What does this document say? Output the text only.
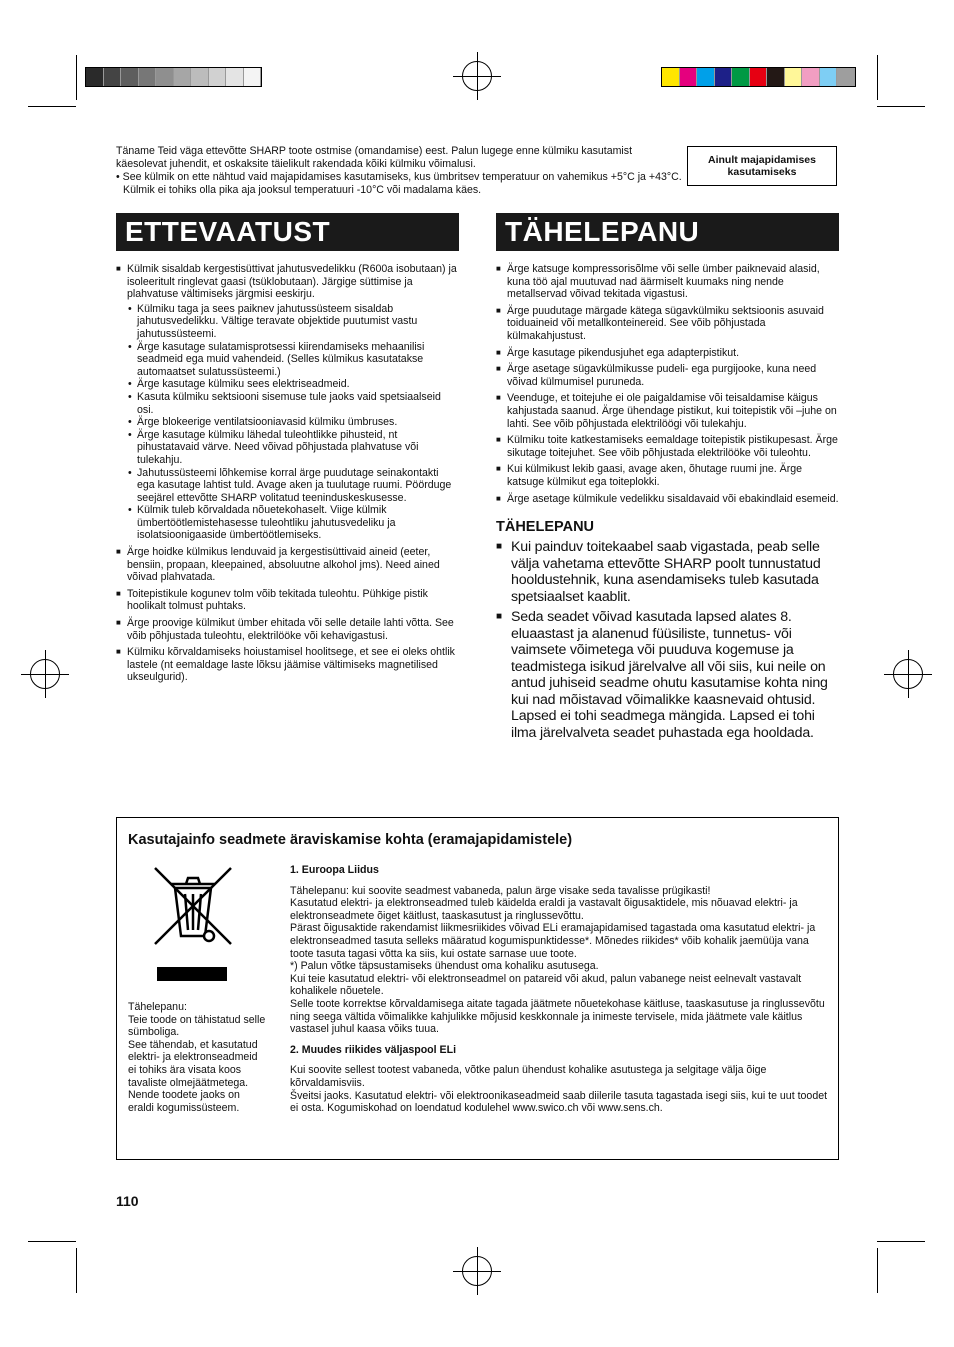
Täname Teid väga ettevõtte SHARP toote ostmise (omandamise) eest. Palun lugege enne külmiku kasutamist käesolevat juhendit, et oskaksite täielikult rakendada kõiki külmiku võimalusi.

• See külmik on ette nähtud vaid majapidamises kasutamiseks, kus ümbritsev temperatuur on vahemikus +5°C ja +43°C. Külmik ei tohiks olla pika aja jooksul temperatuuri -10°C või madalama käes.

Ainult majapidamises kasutamiseks
ETTEVAATUST
■ Külmik sisaldab kergestisüttivat jahutusvedelikku (R600a isobutaan) ja isoleeritult ringlevat gaasi (tsüklobutaan). Järgige süttimise ja plahvatuse vältimiseks järgmisi eeskirju.
• Külmiku taga ja sees paiknev jahutussüsteem sisaldab jahutusvedelikku. Vältige teravate objektide puutumist vastu jahutussüsteemi.
• Ärge kasutage sulatamisprotsessi kiirendamiseks mehaanilisi seadmeid ega muid vahendeid. (Selles külmikus kasutatakse automaatset sulatussüsteemi.)
• Ärge kasutage külmiku sees elektriseadmeid.
• Kasuta külmiku sektsiooni sisemuse tule jaoks vaid spetsiaalseid osi.
• Ärge blokeerige ventilatsiooniavasid külmiku ümbruses.
• Ärge kasutage külmiku lähedal tuleohtlikke pihusteid, nt pihustatavaid värve. Need võivad põhjustada plahvatuse või tulekahju.
• Jahutussüsteemi lõhkemise korral ärge puudutage seinakontakti ega kasutage lahtist tuld. Avage aken ja tuulutage ruumi. Pöörduge seejärel ettevõtte SHARP volitatud teeninduskeskusesse.
• Külmik tuleb kõrvaldada nõuetekohaselt. Viige külmik ümbertöötlemistehasesse tuleohtliku jahutusvedeliku ja isolatsioonigaaside ümbertöötlemiseks.
■ Ärge hoidke külmikus lenduvaid ja kergestisüttivaid aineid (eeter, bensiin, propaan, kleepained, absoluutne alkohol jms). Need ained võivad plahvatada.
■ Toitepistikule kogunev tolm võib tekitada tuleohtu. Pühkige pistik hoolikalt tolmust puhtaks.
■ Ärge proovige külmikut ümber ehitada või selle detaile lahti võtta. See võib põhjustada tuleohtu, elektrilööke või kehavigastusi.
■ Külmiku kõrvaldamiseks hoiustamisel hoolitsege, et see ei oleks ohtlik lastele (nt eemaldage laste lõksu jäämise vältimiseks magnetilised ukseulgurid).
TÄHELEPANU
■ Ärge katsuge kompressorisõlme või selle ümber paiknevaid alasid, kuna töö ajal muutuvad nad äärmiselt kuumaks ning nende metallservad võivad tekitada vigastusi.
■ Ärge puudutage märgade kätega sügavkülmiku sektsioonis asuvaid toiduaineid või metallkonteinereid. See võib põhjustada külmakahjustust.
■ Ärge kasutage pikendusjuhet ega adapterpistikut.
■ Ärge asetage sügavkülmikusse pudeli- ega purgijooke, kuna need võivad külmumisel puruneda.
■ Veenduge, et toitejuhe ei ole paigaldamise või teisaldamise käigus kahjustada saanud. Ärge ühendage pistikut, kui toitepistik või –juhe on lahti. See võib põhjustada elektrilöögi või tulekahju.
■ Külmiku toite katkestamiseks eemaldage toitepistik pistikupesast. Ärge sikutage toitejuhet. See võib põhjustada elektrilööke või tuleohtu.
■ Kui külmikust lekib gaasi, avage aken, õhutage ruumi jne. Ärge katsuge külmikut ega toiteplokki.
■ Ärge asetage külmikule vedelikku sisaldavaid või ebakindlaid esemeid.
TÄHELEPANU
■ Kui painduv toitekaabel saab vigastada, peab selle välja vahetama ettevõtte SHARP poolt tunnustatud hooldustehnik, kuna asendamiseks tuleb kasutada spetsiaalset kaablit.
■ Seda seadet võivad kasutada lapsed alates 8. eluaastast ja alanenud füüsiliste, tunnetus- või vaimsete võimetega või puuduva kogemuse ja teadmistega isikud järelvalve all või siis, kui neile on antud juhiseid seadme ohutu kasutamise kohta ning kui nad mõistavad võimalikke kaasnevaid ohtusid. Lapsed ei tohi seadmega mängida. Lapsed ei tohi ilma järelvalveta seadet puhastada ega hooldada.
Kasutajainfo seadmete äraviskamise kohta (eramajapidamistele)
Tähelepanu:
Teie toode on tähistatud selle sümboliga.
See tähendab, et kasutatud elektri- ja elektronseadmeid ei tohiks ära visata koos tavaliste olmejäätmetega. Nende toodete jaoks on eraldi kogumissüsteem.
1. Euroopa Liidus

Tähelepanu: kui soovite seadmest vabaneda, palun ärge visake seda tavalisse prügikasti!
Kasutatud elektri- ja elektronseadmed tuleb käidelda eraldi ja vastavalt õigusaktidele, mis nõuavad elektri- ja elektronseadmete õiget käitlust, taaskasutust ja ringlussevõttu.
Pärast õigusaktide rakendamist liikmesriikides võivad ELi eramajapidamised tagastada oma kasutatud elektri- ja elektronseadmed tasuta selleks määratud kogumispunktidesse*. Mõnedes riikides* võib kohalik jaemüüja vana toote tasuta tagasi võtta ka siis, kui ostate sarnase uue toote.
*) Palun võtke täpsustamiseks ühendust oma kohaliku asutusega.
Kui teie kasutatud elektri- või elektronseadmel on patareid või akud, palun vabanege neist eelnevalt vastavalt kohalikele nõuetele.
Selle toote korrektse kõrvaldamisega aitate tagada jäätmete nõuetekohase käitluse, taaskasutuse ja ringlussevõtu ning seega vältida võimalikke kahjulikke mõjusid keskkonnale ja inimeste tervisele, mida jäätmete vale käitlus vastasel juhul kaasa võiks tuua.

2. Muudes riikides väljaspool ELi

Kui soovite sellest tootest vabaneda, võtke palun ühendust kohalike asutustega ja selgitage välja õige kõrvaldamisviis.
Šveitsi jaoks. Kasutatud elektri- või elektroonikaseadmeid saab diilerile tasuta tagastada isegi siis, kui te uut toodet ei osta. Kogumiskohad on loendatud kodulehel www.swico.ch või www.sens.ch.

110
